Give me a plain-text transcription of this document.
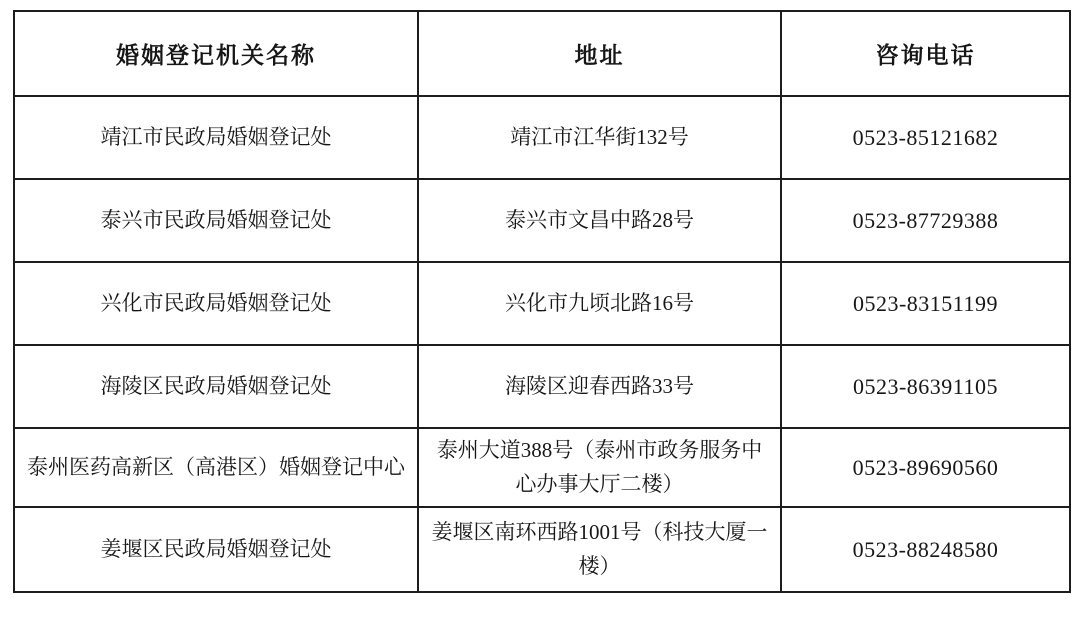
婚姻登记机关名称	地址	咨询电话
靖江市民政局婚姻登记处	靖江市江华街132号	0523-85121682
泰兴市民政局婚姻登记处	泰兴市文昌中路28号	0523-87729388
兴化市民政局婚姻登记处	兴化市九顷北路16号	0523-83151199
海陵区民政局婚姻登记处	海陵区迎春西路33号	0523-86391105
泰州医药高新区（高港区）婚姻登记中心	泰州大道388号（泰州市政务服务中心办事大厅二楼）	0523-89690560
姜堰区民政局婚姻登记处	姜堰区南环西路1001号（科技大厦一楼）	0523-88248580
